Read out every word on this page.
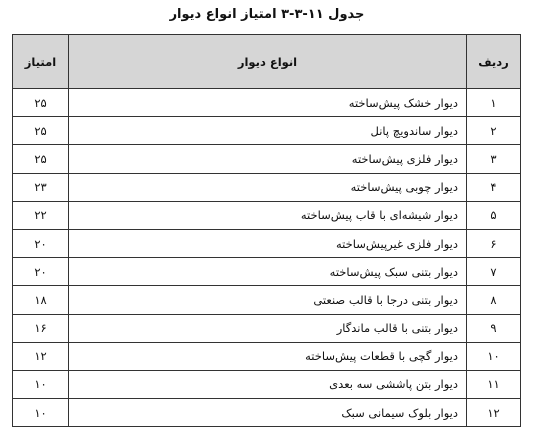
جدول ۱۱-۳-۳ امتیاز انواع دیوار
ردیف	انواع دیوار	امتیاز
۱	دیوار خشک پیش‌ساخته	۲۵
۲	دیوار ساندویچ پانل	۲۵
۳	دیوار فلزی پیش‌ساخته	۲۵
۴	دیوار چوبی پیش‌ساخته	۲۳
۵	دیوار شیشه‌ای با قاب پیش‌ساخته	۲۲
۶	دیوار فلزی غیرپیش‌ساخته	۲۰
۷	دیوار بتنی سبک پیش‌ساخته	۲۰
۸	دیوار بتنی درجا با قالب صنعتی	۱۸
۹	دیوار بتنی با قالب ماندگار	۱۶
۱۰	دیوار گچی با قطعات پیش‌ساخته	۱۲
۱۱	دیوار بتن پاششی سه بعدی	۱۰
۱۲	دیوار بلوک سیمانی سبک	۱۰
